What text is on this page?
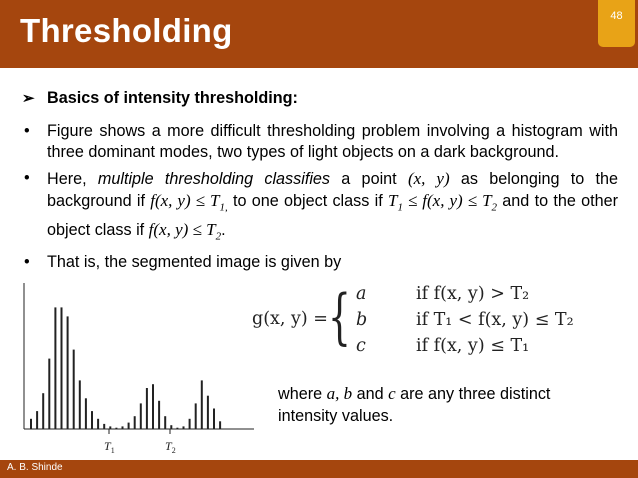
Thresholding	48
➢ Basics of intensity thresholding:
• Figure shows a more difficult thresholding problem involving a histogram with three dominant modes, two types of light objects on a dark background.
• Here, multiple thresholding classifies a point (x, y) as belonging to the background if f(x, $y) \le T_{1,}$ to one object class if $T_1 \le f(x$, $y) \le T_2$ and to the other object class if f(x, $y) \le T_2$.
• That is, the segmented image is given by
$T_1$	$T_2$
g(x, y) = { a	if f(x, y) > T₂
b	if T₁ < f(x, y) ≤ T₂
c	if f(x, y) ≤ T₁
where a, b and c are any three distinct intensity values.
A. B. Shinde
